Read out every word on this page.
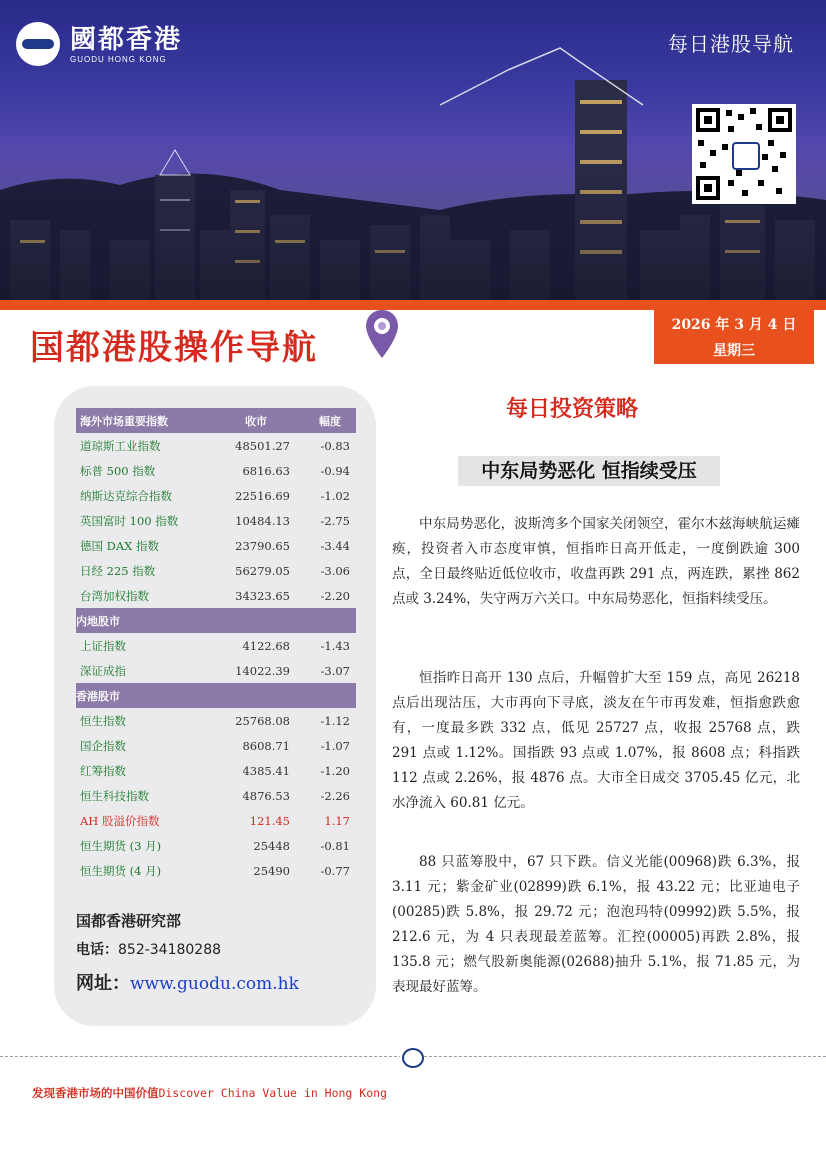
國都香港
GUODU HONG KONG
每日港股导航
2026 年 3 月 4 日
星期三
国都港股操作导航
海外市场重要指数	收市	幅度
道琼斯工业指数	48501.27	-0.83
标普 500 指数	6816.63	-0.94
纳斯达克综合指数	22516.69	-1.02
英国富时 100 指数	10484.13	-2.75
德国 DAX 指数	23790.65	-3.44
日经 225 指数	56279.05	-3.06
台湾加权指数	34323.65	-2.20
内地股市		
上证指数	4122.68	-1.43
深证成指	14022.39	-3.07
香港股市		
恒生指数	25768.08	-1.12
国企指数	8608.71	-1.07
红筹指数	4385.41	-1.20
恒生科技指数	4876.53	-2.26
AH 股溢价指数	121.45	1.17
恒生期货 (3 月)	25448	-0.81
恒生期货 (4 月)	25490	-0.77
国都香港研究部
电话：852-34180288
网址：www.guodu.com.hk
每日投资策略
中东局势恶化 恒指续受压
中东局势恶化，波斯湾多个国家关闭领空，霍尔木兹海峡航运瘫痪，投资者入市态度审慎，恒指昨日高开低走，一度倒跌逾 300 点，全日最终贴近低位收市，收盘再跌 291 点，两连跌，累挫 862 点或 3.24%，失守两万六关口。中东局势恶化，恒指料续受压。
恒指昨日高开 130 点后，升幅曾扩大至 159 点，高见 26218 点后出现沽压，大市再向下寻底，淡友在午市再发难，恒指愈跌愈有，一度最多跌 332 点，低见 25727 点，收报 25768 点，跌 291 点或 1.12%。国指跌 93 点或 1.07%，报 8608 点；科指跌 112 点或 2.26%，报 4876 点。大市全日成交 3705.45 亿元，北水净流入 60.81 亿元。
88 只蓝筹股中，67 只下跌。信义光能(00968)跌 6.3%，报 3.11 元；紫金矿业(02899)跌 6.1%，报 43.22 元；比亚迪电子(00285)跌 5.8%，报 29.72 元；泡泡玛特(09992)跌 5.5%，报 212.6 元，为 4 只表现最差蓝筹。汇控(00005)再跌 2.8%，报 135.8 元；燃气股新奥能源(02688)抽升 5.1%，报 71.85 元，为表现最好蓝筹。
发现香港市场的中国价值Discover China Value in Hong Kong
